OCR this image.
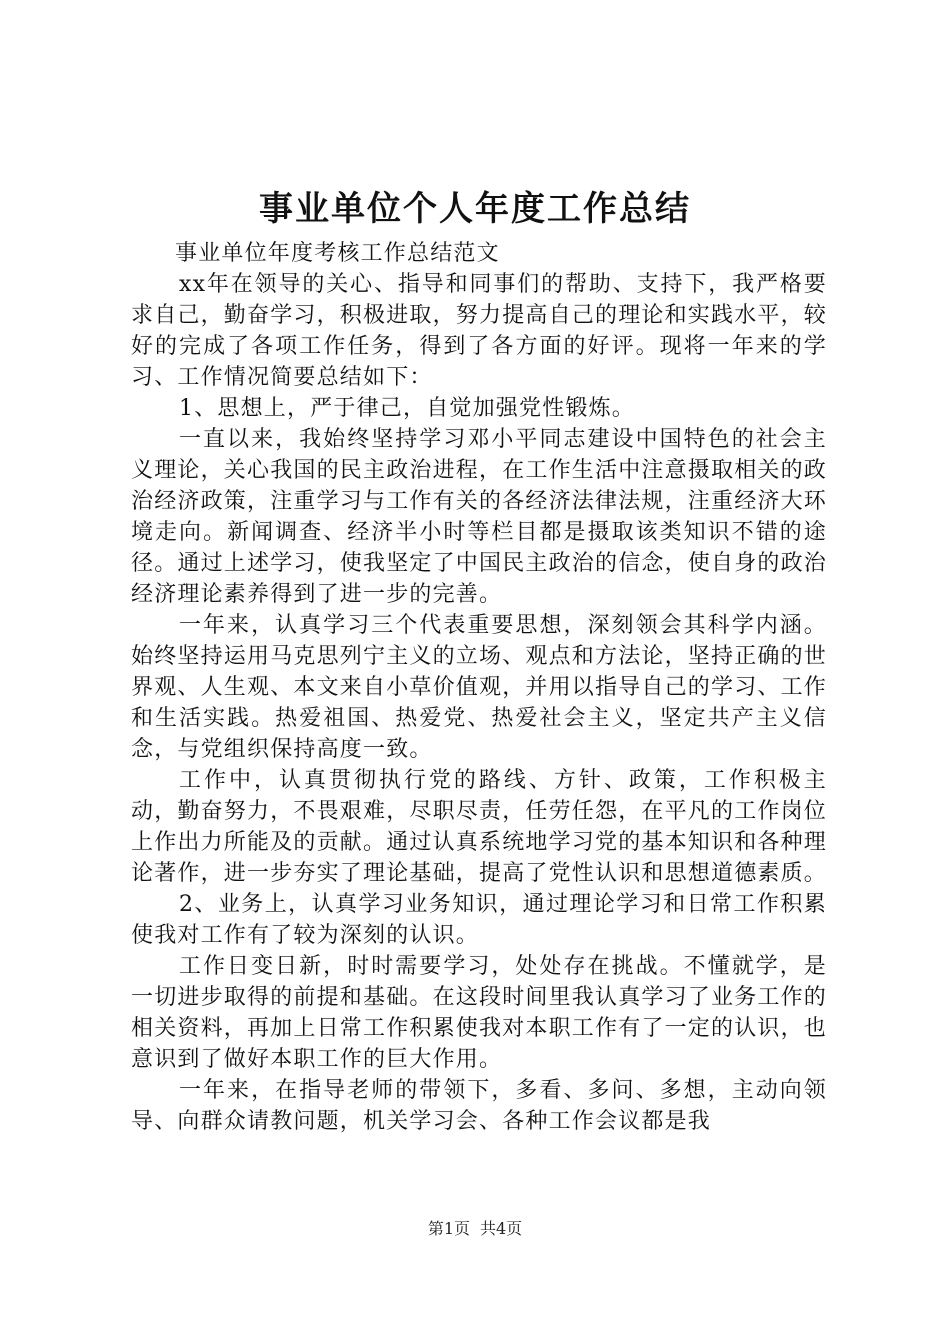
事业单位个人年度工作总结

事业单位年度考核工作总结范文

xx年在领导的关心、指导和同事们的帮助、支持下，我严格要求自己，勤奋学习，积极进取，努力提高自己的理论和实践水平，较好的完成了各项工作任务，得到了各方面的好评。现将一年来的学习、工作情况简要总结如下：

1、思想上，严于律己，自觉加强党性锻炼。

一直以来，我始终坚持学习邓小平同志建设中国特色的社会主义理论，关心我国的民主政治进程，在工作生活中注意摄取相关的政治经济政策，注重学习与工作有关的各经济法律法规，注重经济大环境走向。新闻调查、经济半小时等栏目都是摄取该类知识不错的途径。通过上述学习，使我坚定了中国民主政治的信念，使自身的政治经济理论素养得到了进一步的完善。

一年来，认真学习三个代表重要思想，深刻领会其科学内涵。始终坚持运用马克思列宁主义的立场、观点和方法论，坚持正确的世界观、人生观、本文来自小草价值观，并用以指导自己的学习、工作和生活实践。热爱祖国、热爱党、热爱社会主义，坚定共产主义信念，与党组织保持高度一致。

工作中，认真贯彻执行党的路线、方针、政策，工作积极主动，勤奋努力，不畏艰难，尽职尽责，任劳任怨，在平凡的工作岗位上作出力所能及的贡献。通过认真系统地学习党的基本知识和各种理论著作，进一步夯实了理论基础，提高了党性认识和思想道德素质。

2、业务上，认真学习业务知识，通过理论学习和日常工作积累使我对工作有了较为深刻的认识。

工作日变日新，时时需要学习，处处存在挑战。不懂就学，是一切进步取得的前提和基础。在这段时间里我认真学习了业务工作的相关资料，再加上日常工作积累使我对本职工作有了一定的认识，也意识到了做好本职工作的巨大作用。

一年来，在指导老师的带领下，多看、多问、多想，主动向领导、向群众请教问题，机关学习会、各种工作会议都是我

第1页 共4页
